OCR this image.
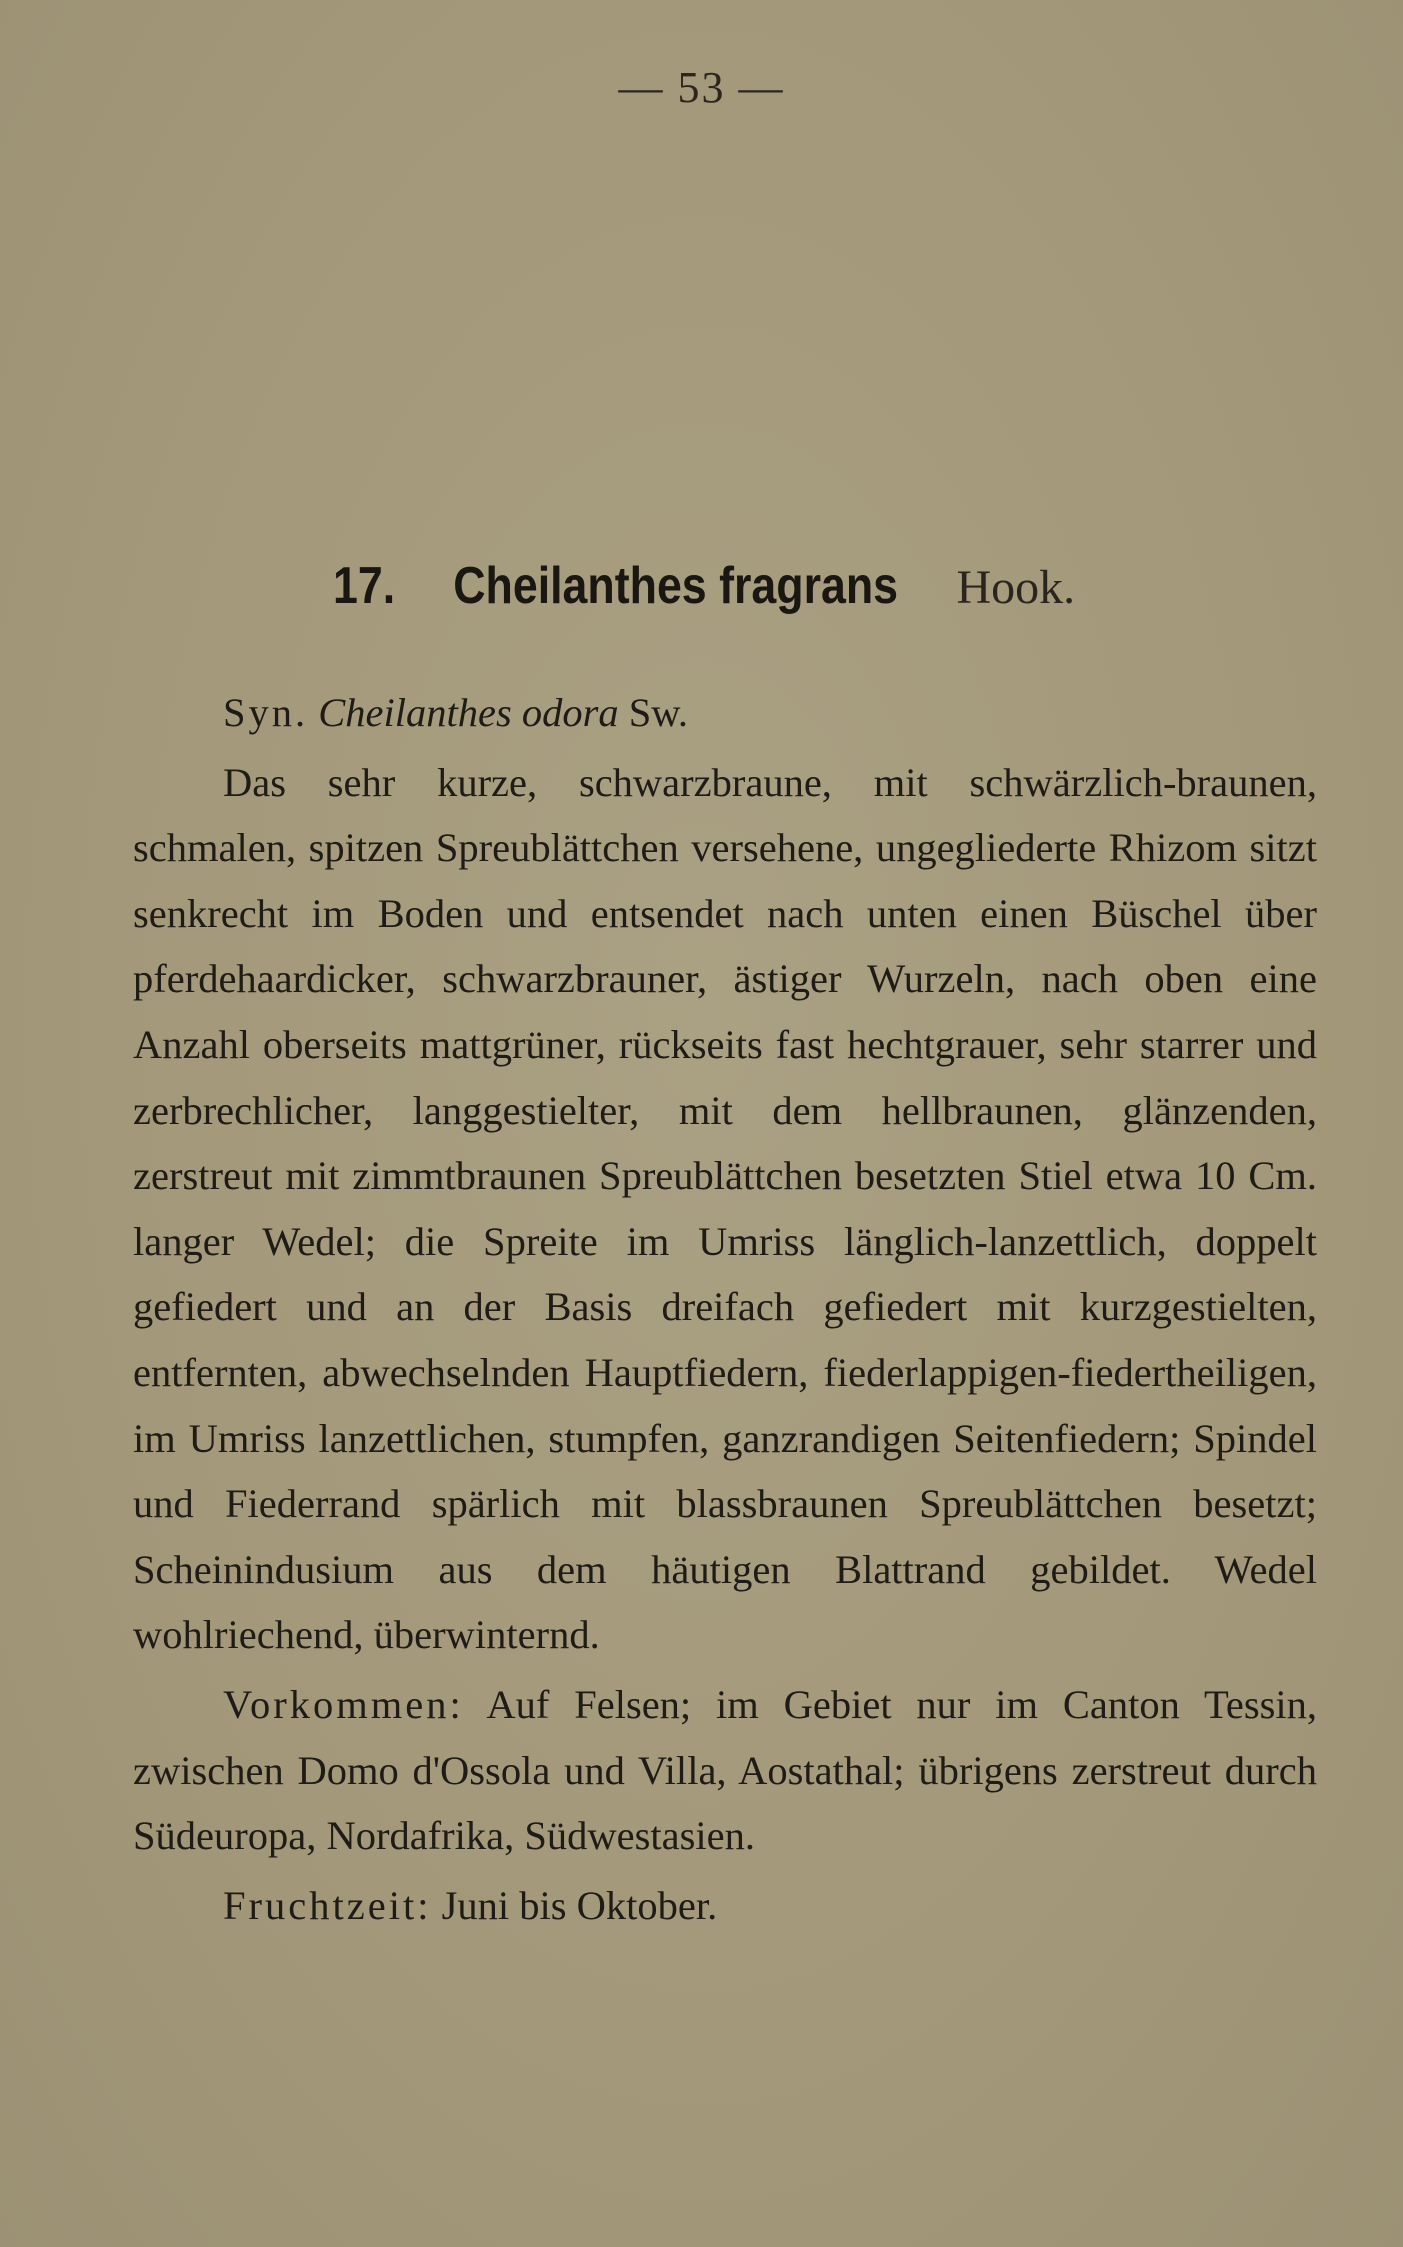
— 53 —
17. Cheilanthes fragrans Hook.

Syn. Cheilanthes odora Sw.

Das sehr kurze, schwarzbraune, mit schwärzlich-braunen, schmalen, spitzen Spreublättchen versehene, ungegliederte Rhizom sitzt senkrecht im Boden und entsendet nach unten einen Büschel über pferdehaardicker, schwarzbrauner, ästiger Wurzeln, nach oben eine Anzahl oberseits mattgrüner, rückseits fast hechtgrauer, sehr starrer und zerbrechlicher, langgestielter, mit dem hellbraunen, glänzenden, zerstreut mit zimmtbraunen Spreublättchen besetzten Stiel etwa 10 Cm. langer Wedel; die Spreite im Umriss länglich-lanzettlich, doppelt gefiedert und an der Basis dreifach gefiedert mit kurzgestielten, entfernten, abwechselnden Hauptfiedern, fiederlappigen-fiedertheiligen, im Umriss lanzettlichen, stumpfen, ganzrandigen Seitenfiedern; Spindel und Fiederrand spärlich mit blassbraunen Spreublättchen besetzt; Scheinindusium aus dem häutigen Blattrand gebildet. Wedel wohlriechend, überwinternd.

Vorkommen: Auf Felsen; im Gebiet nur im Canton Tessin, zwischen Domo d'Ossola und Villa, Aostathal; übrigens zerstreut durch Südeuropa, Nordafrika, Südwestasien.

Fruchtzeit: Juni bis Oktober.
